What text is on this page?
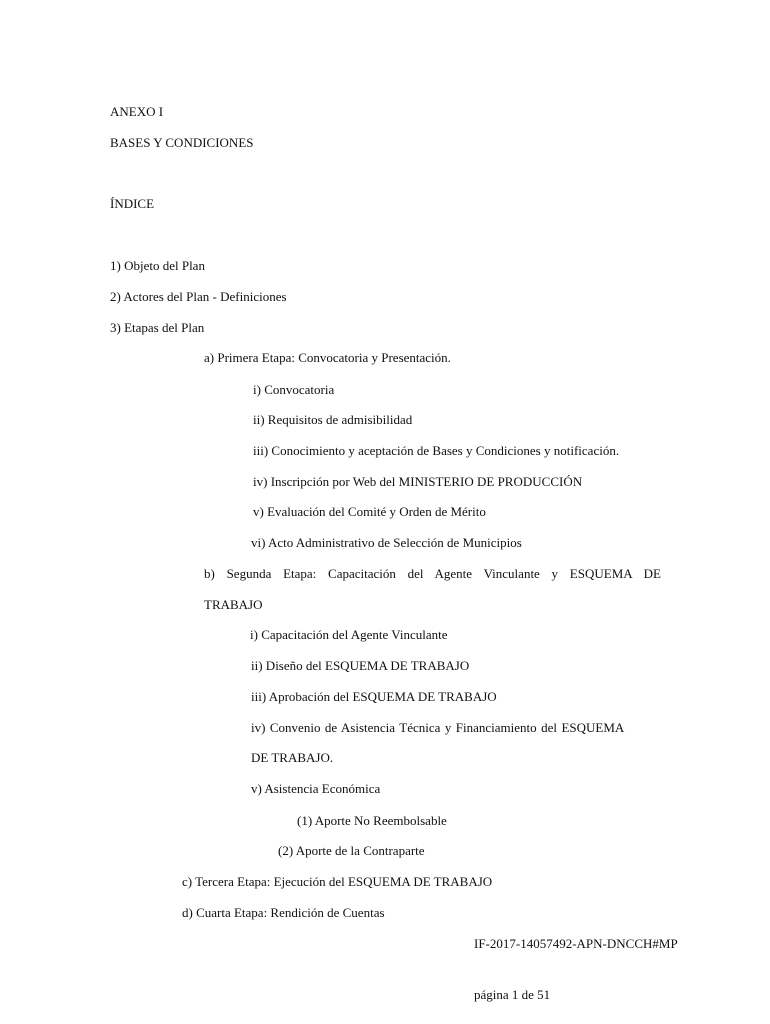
ANEXO I
BASES Y CONDICIONES
ÍNDICE
1) Objeto del Plan
2) Actores del Plan - Definiciones
3) Etapas del Plan
a) Primera Etapa: Convocatoria y Presentación.
i) Convocatoria
ii) Requisitos de admisibilidad
iii) Conocimiento y aceptación de Bases y Condiciones y notificación.
iv) Inscripción por Web del MINISTERIO DE PRODUCCIÓN
v) Evaluación del Comité y Orden de Mérito
vi) Acto Administrativo de Selección de Municipios
b) Segunda Etapa: Capacitación del Agente Vinculante y ESQUEMA DE
TRABAJO
i) Capacitación del Agente Vinculante
ii) Diseño del ESQUEMA DE TRABAJO
iii) Aprobación del ESQUEMA DE TRABAJO
iv) Convenio de Asistencia Técnica y Financiamiento del ESQUEMA
DE TRABAJO.
v) Asistencia Económica
(1) Aporte No Reembolsable
(2) Aporte de la Contraparte
c) Tercera Etapa: Ejecución del ESQUEMA DE TRABAJO
d) Cuarta Etapa: Rendición de Cuentas
IF-2017-14057492-APN-DNCCH#MP
página 1 de 51
